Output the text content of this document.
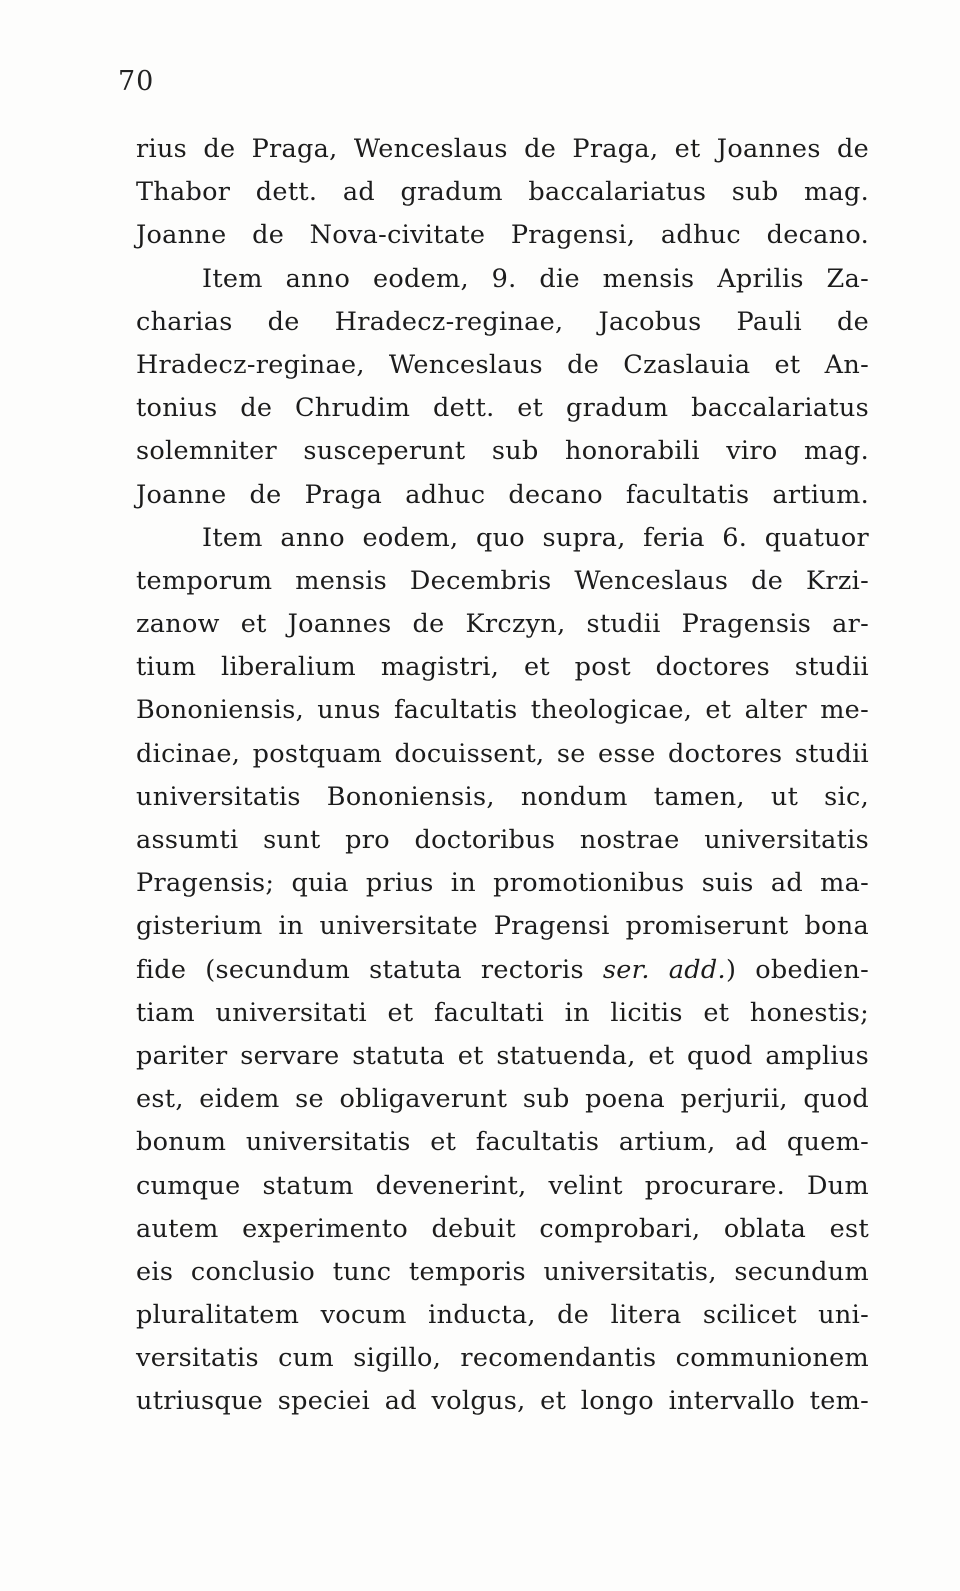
70
rius de Praga, Wenceslaus de Praga, et Joannes de
Thabor dett. ad gradum baccalariatus sub mag.
Joanne de Nova-civitate Pragensi, adhuc decano.
Item anno eodem, 9. die mensis Aprilis Za-
charias de Hradecz-reginae, Jacobus Pauli de
Hradecz-reginae, Wenceslaus de Czaslauia et An-
tonius de Chrudim dett. et gradum baccalariatus
solemniter susceperunt sub honorabili viro mag.
Joanne de Praga adhuc decano facultatis artium.
Item anno eodem, quo supra, feria 6. quatuor
temporum mensis Decembris Wenceslaus de Krzi-
zanow et Joannes de Krczyn, studii Pragensis ar-
tium liberalium magistri, et post doctores studii
Bononiensis, unus facultatis theologicae, et alter me-
dicinae, postquam docuissent, se esse doctores studii
universitatis Bononiensis, nondum tamen, ut sic,
assumti sunt pro doctoribus nostrae universitatis
Pragensis; quia prius in promotionibus suis ad ma-
gisterium in universitate Pragensi promiserunt bona
fide (secundum statuta rectoris ser. add.) obedien-
tiam universitati et facultati in licitis et honestis;
pariter servare statuta et statuenda, et quod amplius
est, eidem se obligaverunt sub poena perjurii, quod
bonum universitatis et facultatis artium, ad quem-
cumque statum devenerint, velint procurare. Dum
autem experimento debuit comprobari, oblata est
eis conclusio tunc temporis universitatis, secundum
pluralitatem vocum inducta, de litera scilicet uni-
versitatis cum sigillo, recomendantis communionem
utriusque speciei ad volgus, et longo intervallo tem-
